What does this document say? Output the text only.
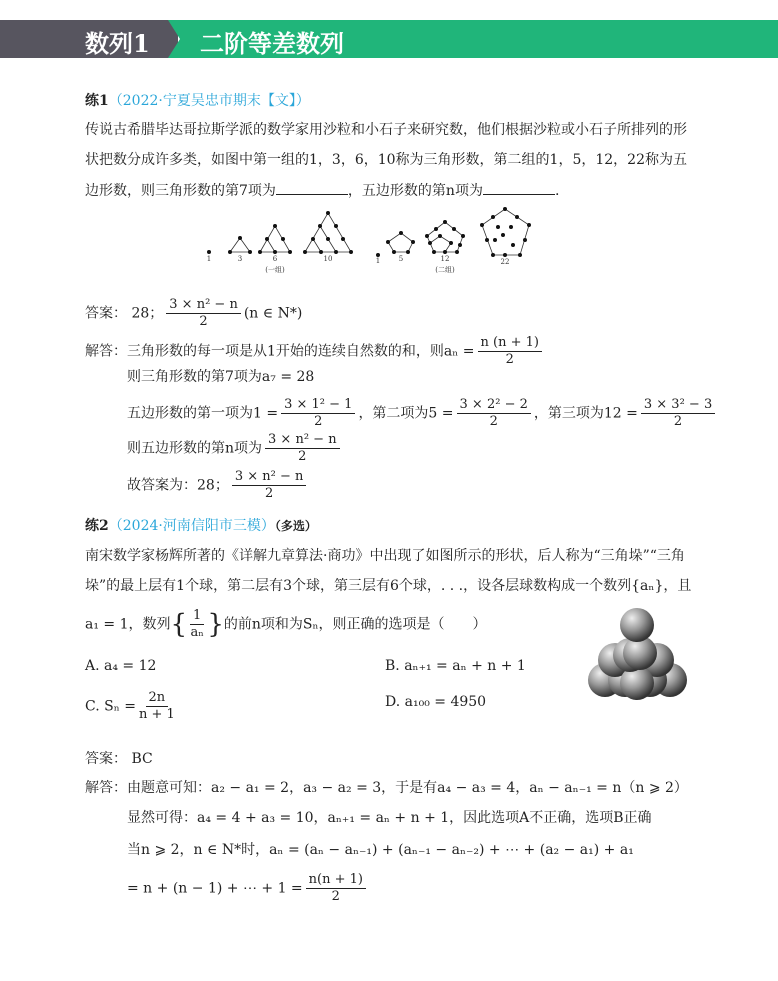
数列1 二阶等差数列
练1（2022·宁夏吴忠市期末【文】）
传说古希腊毕达哥拉斯学派的数学家用沙粒和小石子来研究数，他们根据沙粒或小石子所排列的形
状把数分成许多类，如图中第一组的1，3，6，10称为三角形数，第二组的1，5，12，22称为五
边形数，则三角形数的第7项为	，五边形数的第n项为	.
1	3	6	10
(一组)
1	5	12	22
(二组)
答案： 28； $\frac{\text{3 × n² − n}}{2} (n$ ∈ N*)
解答：三角形数的每一项是从1开始的连续自然数的和，则$a_n = \frac{n (n + 1)}{2}$
则三角形数的第7项为a₇ = 28
五边形数的第一项为$1 = \frac{\text{3 × 1² − 1}}{2}$ ，第二项为$5 = \frac{\text{3 × 2² − 2}}{2}$ ，第三项为$12 = \frac{\text{3 × 3² − 3}}{2}$
则五边形数的第n项为 $\frac{\text{3 × n² − n}}{2}$
故答案为：28； $\frac{\text{3 × n² − n}}{2}$
练2（2024·河南信阳市三模）（多选）
南宋数学家杨辉所著的《详解九章算法·商功》中出现了如图所示的形状，后人称为“三角垛”“三角
垛”的最上层有1个球，第二层有3个球，第三层有6个球，. . .，设各层球数构成一个数列{aₙ}，且
a₁ = 1，数列{ $\frac{1}{\text{aₙ}}$ }的前n项和为Sₙ，则正确的选项是（　　）
A. a₄ = 12	B. aₙ₊₁ = aₙ + n + 1
C. $S_n = \frac{2n}{n + 1}$	D. a₁₀₀ = 4950
答案： BC
解答：由题意可知：a₂ − a₁ = 2，a₃ − a₂ = 3，于是有a₄ − a₃ = 4，aₙ − aₙ₋₁ = n（n ⩾ 2）
显然可得：a₄ = 4 + a₃ = 10，aₙ₊₁ = aₙ + n + 1，因此选项A不正确，选项B正确
当n ⩾ 2，n ∈ N*时，aₙ = (aₙ − aₙ₋₁) + (aₙ₋₁ − aₙ₋₂) + ⋯ + (a₂ − a₁) + a₁
= n + (n − 1) + ⋯ + $1 = \frac{n(n + 1)}{2}$
